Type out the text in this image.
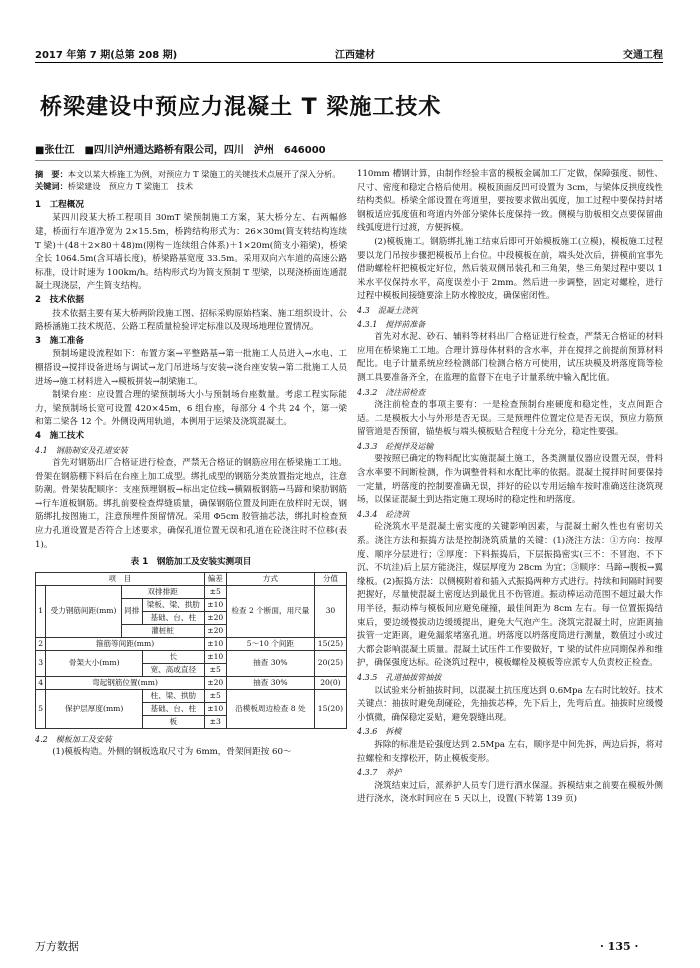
2017 年第 7 期(总第 208 期)	江西建材	交通工程
桥梁建设中预应力混凝土 T 梁施工技术
■张仕江　■四川泸州通达路桥有限公司，四川　泸州　646000

摘　要：本文以某大桥施工为例，对预应力 T 梁施工的关键技术点展开了深入分析。

关键词：桥梁建设　预应力 T 梁施工　技术

1　工程概况

某四川段某大桥工程项目 30mT 梁预制施工方案，某大桥分左、右两幅修建，桥面行车道净宽为 2×15.5m，桥跨结构形式为：26×30m(简支转结构连续 T 梁)＋(48＋2×80＋48)m(刚构－连续组合体系)＋1×20m(简支小箱梁)，桥梁全长 1064.5m(含耳墙长度)，桥梁路基宽度 33.5m。采用双向六车道的高速公路标准，设计时速为 100km/h。结构形式均为简支预制 T 型梁，以现浇桥面连通混凝土现浇层，产生简支结构。

2　技术依据

技术依据主要有某大桥两阶段施工图、招标采购原始档案、施工组织设计、公路桥涵施工技术规范、公路工程质量检验评定标准以及现场地理位置情况。

3　施工准备

预制场建设流程如下：布置方案→平整路基→第一批施工人员进入→水电、工棚搭设→搅拌设备进场与调试→龙门吊进场与安装→浇台座安装→第二批施工人员进场→施工材料进入→模板拼装→制梁施工。

制梁台座：应设置合理的梁预制场大小与预制场台座数量。考虑工程实际能力，梁预制场长宽可设置 420×45m，6 组台座，每部分 4 个共 24 个，第一梁和第二梁各 12 个。外侧设两用轨道，本例用于运梁及浇筑混凝土。

4　施工技术
4.1　钢筋制安及孔道安装

首先对钢筋出厂合格证进行检查，严禁无合格证的钢筋应用在桥梁施工工地。骨架在钢筋棚下料后在台座上加工成型。绑扎成型的钢筋分类放置指定地点，注意防潮。骨架装配顺序：支座预埋钢板→标出定位线→横隔板钢筋→马蹄和梁肋钢筋→行车道板钢筋。绑扎前要检查焊缝质量，确保钢筋位置及间距在放样时无误，钢筋绑扎按图施工，注意预埋件预留情况。采用 Φ5cm 胶管抽芯法，绑扎时检查预应力孔道设置是否符合上述要求，确保孔道位置无误和孔道在砼浇注时不位移(表 1)。

表 1　钢筋加工及安装实测项目
项　目				偏差	方式	分值
1	受力钢筋间距(mm)	双排排距		±5	检查 2 个断面，用尺量	30
		同排	梁板、梁、拱肋	±10		
			基础、台、柱	±20		
		灌桩桩		±20		
2	箍筋等间距(mm)			±10	5～10 个间距	15(25)
3	骨架大小(mm)		长	±10	抽查 30%	20(25)
			宽、高或直径	±5		
4	弯起钢筋位置(mm)			±20	抽查 30%	20(0)
5	保护层厚度(mm)		柱、梁、拱肋	±5	沿模板周边检查 8 处	15(20)
			基础、台、柱	±10		
			板	±3		
4.2　模板加工及安装

(1)模板构造。外侧的钢板选取尺寸为 6mm，骨架间距按 60～

110mm 槽钢计算，由制作经验丰富的模板金属加工厂定做，保障强度、韧性、尺寸、密度和稳定合格后使用。模板顶面反凹可设置为 3cm，与梁体反拱度线性结构类似。桥梁全部设置在弯道里，要按要求做出弧度，加工过程中要保持封堵钢板适应弧度值和弯道内外部分梁体长度保持一致。侧模与肋板相交点要保留曲线弧度进行过渡，方便拆模。

(2)模板施工。钢筋绑扎施工结束后即可开始模板施工(立模)，模板施工过程要以龙门吊按步骤把模板吊上台位。中段模板在前，端头处次后，拼模前宜事先借助螺栓杆把模板定好位，然后装双侧吊装孔和三角架，垫三角架过程中要以 1 米水平仪保持水平，高度误差小于 2mm。然后进一步调整，固定对螺栓，进行过程中模板间接缝要涂上防水橡胶皮，确保密闭性。

4.3　混凝土浇筑
4.3.1　搅拌前准备

首先对水泥、砂石、辅料等材料出厂合格证进行检查，严禁无合格证的材料应用在桥梁施工工地。合理计算母体材料的含水率，并在搅拌之前提前预算材料配比。电子计量系统应经检测部门检测合格方可使用，试压块模及坍落度筒等检测工具要准备齐全，在监理的监督下在电子计量系统中输入配比值。

4.3.2　浇注前检查

浇注前检查的事项主要有：一是检查预制台座硬度和稳定性，支点间距合适。二是模板大小与外形是否无误。三是预埋件位置定位是否无误，预应力筋预留管道是否预留，锚垫板与端头模板贴合程度十分充分，稳定性要强。

4.3.3　砼搅拌及运输

要按照已确定的物料配比实施混凝土施工，各类测量仪器应设置无误，骨料含水率要不间断检测，作为调整骨料和水配比率的依据。混凝土搅拌时间要保持一定量，坍落度的控制要准确无误，拌好的砼以专用运输车按时准确送往浇筑现场，以保证混凝土到达指定施工现场时的稳定性和坍落度。

4.3.4　砼浇筑

砼浇筑水平是混凝土密实度的关键影响因素，与混凝土耐久性也有密切关系。浇注方法和振捣方法是控制浇筑质量的关键：(1)浇注方法：①方向：按厚度、顺序分层进行；②厚度：下料振捣后，下层振捣密实(三不：不冒泡、不下沉、不坑洼)后上层方能浇注，煤层厚度为 28cm 为宜；③顺序：马蹄→腹板→翼缘板。(2)振捣方法：以侧模附着和插入式振捣两种方式进行。持续和间隔时间要把握好，尽量使混凝土密度达到最优且不伤管道。振动棒运动范围不超过最大作用半径，振动棒与模板间应避免碰撞，最佳间距为 8cm 左右。每一位置振捣结束后，要边缓慢拔动边缓缓提出，避免大气泡产生。浇筑完混凝土时，应距离抽拔管一定距离，避免漏浆堵塞孔道。坍落度以坍落度筒进行测量，数值过小或过大都会影响混凝土质量。混凝土试压件工作要做好，T 梁的试件应同期保养和维护，确保强度达标。砼浇筑过程中，模板螺栓及模板等应派专人负责校正检查。

4.3.5　孔道抽拔管抽拔

以试验来分析抽拔时间，以混凝土抗压度达到 0.6Mpa 左右时比较好。技术关键点：抽拔时避免刮碰砼，先抽拔芯棒，先下后上，先弯后直。抽拔时应缓慢小慎微，确保稳定妥贴，避免裂缝出现。

4.3.6　拆模

拆除的标准是砼强度达到 2.5Mpa 左右，顺序是中间先拆，两边后拆，将对拉螺栓和支撑松开，防止模板变形。

4.3.7　养护

浇筑结束过后，派养护人员专门进行洒水保湿。拆模结束之前要在模板外侧进行浇水，浇水时间应在 5 天以上，设置(下转第 139 页)

· 135 ·
万方数据
